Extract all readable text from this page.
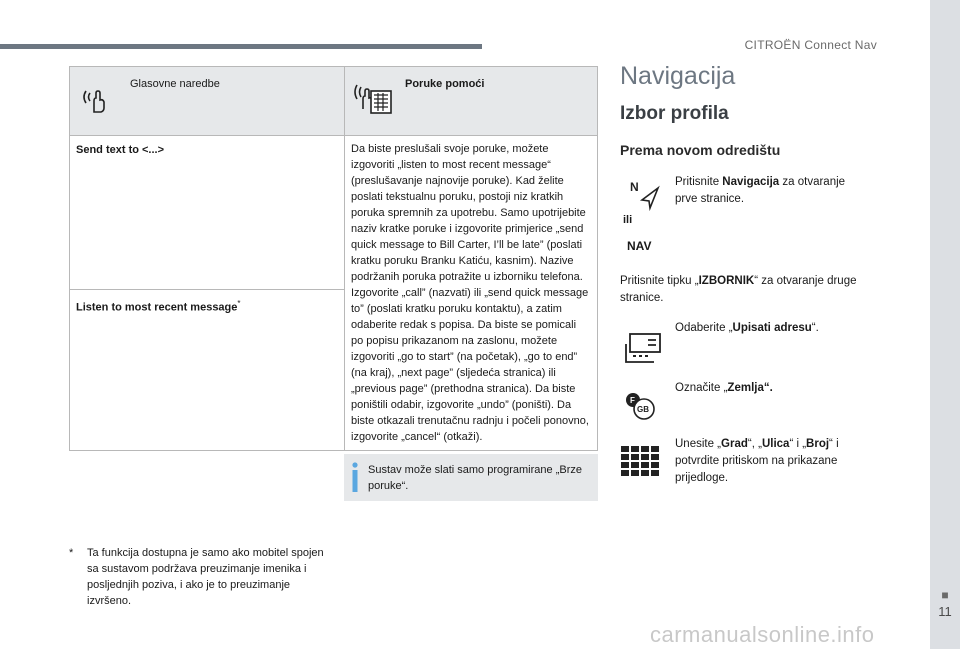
CITROËN Connect Nav
■
11
Glasovne naredbe	Poruke pomoći

Send text to <...>	Da biste preslušali svoje poruke, možete izgovoriti „listen to most recent message“ (preslušavanje najnovije poruke). Kad želite poslati tekstualnu poruku, postoji niz kratkih poruka spremnih za upotrebu. Samo upotrijebite naziv kratke poruke i izgovorite primjerice „send quick message to Bill Carter, I’ll be late” (poslati kratku poruku Branku Katiću, kasnim). Nazive podržanih poruka potražite u izborniku telefona. Izgovorite „call” (nazvati) ili „send quick message to” (poslati kratku poruku kontaktu), a zatim odaberite redak s popisa. Da biste se pomicali po popisu prikazanom na zaslonu, možete izgovoriti „go to start” (na početak), „go to end” (na kraj), „next page” (sljedeća stranica) ili „previous page” (prethodna stranica). Da biste poništili odabir, izgovorite „undo” (poništi). Da biste otkazali trenutačnu radnju i počeli ponovno, izgovorite „cancel“ (otkaži).
Listen to most recent message*
Sustav može slati samo programirane „Brze poruke“.
* Ta funkcija dostupna je samo ako mobitel spojen sa sustavom podržava preuzimanje imenika i posljednjih poziva, i ako je to preuzimanje izvršeno.
Navigacija
Izbor profila
Prema novom odredištu
N	Pritisnite Navigacija za otvaranje prve stranice.
ili
NAV
Pritisnite tipku „IZBORNIK“ za otvaranje druge stranice.
Odaberite „Upisati adresu“.
F
GB
Označite „Zemlja“.
Unesite „Grad“, „Ulica“ i „Broj“ i potvrdite pritiskom na prikazane prijedloge.
carmanualsonline.info
